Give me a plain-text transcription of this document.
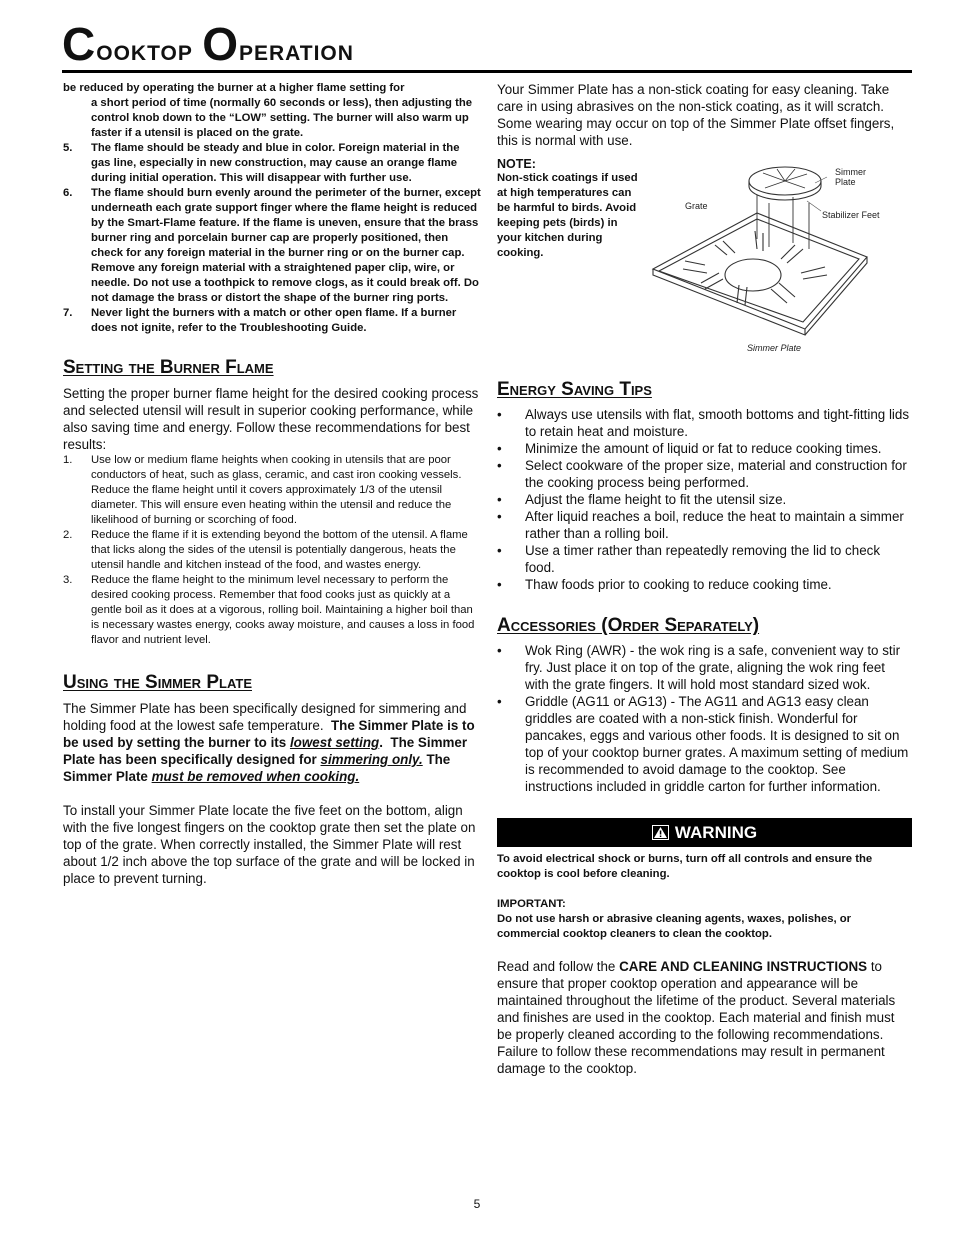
Cooktop Operation

be reduced by operating the burner at a higher flame setting for

a short period of time (normally 60 seconds or less), then adjusting the control knob down to the “LOW” setting. The burner will also warm up faster if a utensil is placed on the grate.

5. The flame should be steady and blue in color. Foreign material in the gas line, especially in new construction, may cause an orange flame during initial operation. This will disappear with further use.
6. The flame should burn evenly around the perimeter of the burner, except underneath each grate support finger where the flame height is reduced by the Smart-Flame feature. If the flame is uneven, ensure that the brass burner ring and porcelain burner cap are properly positioned, then check for any foreign material in the burner ring or on the burner cap. Remove any foreign material with a straightened paper clip, wire, or needle. Do not use a toothpick to remove clogs, as it could break off. Do not damage the brass or distort the shape of the burner ring ports.
7. Never light the burners with a match or other open flame. If a burner does not ignite, refer to the Troubleshooting Guide.
Setting the Burner Flame

Setting the proper burner flame height for the desired cooking process and selected utensil will result in superior cooking performance, while also saving time and energy. Follow these recommendations for best results:

1. Use low or medium flame heights when cooking in utensils that are poor conductors of heat, such as glass, ceramic, and cast iron cooking vessels. Reduce the flame height until it covers approximately 1/3 of the utensil diameter. This will ensure even heating within the utensil and reduce the likelihood of burning or scorching of food.
2. Reduce the flame if it is extending beyond the bottom of the utensil. A flame that licks along the sides of the utensil is potentially dangerous, heats the utensil handle and kitchen instead of the food, and wastes energy.
3. Reduce the flame height to the minimum level necessary to perform the desired cooking process. Remember that food cooks just as quickly at a gentle boil as it does at a vigorous, rolling boil. Maintaining a higher boil than is necessary wastes energy, cooks away moisture, and causes a loss in food flavor and nutrient level.
Using the Simmer Plate

The Simmer Plate has been specifically designed for simmering and holding food at the lowest safe temperature. The Simmer Plate is to be used by setting the burner to its lowest setting.  The Simmer Plate has been specifically designed for simmering only. The Simmer Plate must be removed when cooking.

To install your Simmer Plate locate the five feet on the bottom, align with the five longest fingers on the cooktop grate then set the plate on top of the grate. When correctly installed, the Simmer Plate will rest about 1/2 inch above the top surface of the grate and will be locked in place to prevent turning.

Your Simmer Plate has a non-stick coating for easy cleaning. Take care in using abrasives on the non-stick coating, as it will scratch. Some wearing may occur on top of the Simmer Plate offset fingers, this is normal with use.

NOTE:
Non-stick coatings if used at high temperatures can be harmful to birds. Avoid keeping pets (birds) in your kitchen during cooking.
Simmer
Plate
Grate
Stabilizer Feet
Simmer Plate
Energy Saving Tips
• Always use utensils with flat, smooth bottoms and tight-fitting lids to retain heat and moisture.
• Minimize the amount of liquid or fat to reduce cooking times.
• Select cookware of the proper size, material and construction for the cooking process being performed.
• Adjust the flame height to fit the utensil size.
• After liquid reaches a boil, reduce the heat to maintain a simmer rather than a rolling boil.
• Use a timer rather than repeatedly removing the lid to check food.
• Thaw foods prior to cooking to reduce cooking time.
Accessories (Order Separately)
• Wok Ring (AWR) - the wok ring is a safe, convenient way to stir fry. Just place it on top of the grate, aligning the wok ring feet with the grate fingers. It will hold most standard sized wok.
• Griddle (AG11 or AG13) - The AG11 and AG13 easy clean griddles are coated with a non-stick finish. Wonderful for pancakes, eggs and various other foods. It is designed to sit on top of your cooktop burner grates. A maximum setting of medium is recommended to avoid damage to the cooktop. See instructions included in griddle carton for further information.
WARNING
To avoid electrical shock or burns, turn off all controls and ensure the cooktop is cool before cleaning.
IMPORTANT:
Do not use harsh or abrasive cleaning agents, waxes, polishes, or commercial cooktop cleaners to clean the cooktop.

Read and follow the CARE AND CLEANING INSTRUCTIONS to ensure that proper cooktop operation and appearance will be maintained throughout the lifetime of the product. Several materials and finishes are used in the cooktop. Each material and finish must be properly cleaned according to the following recommendations. Failure to follow these recommendations may result in permanent damage to the cooktop.

5
